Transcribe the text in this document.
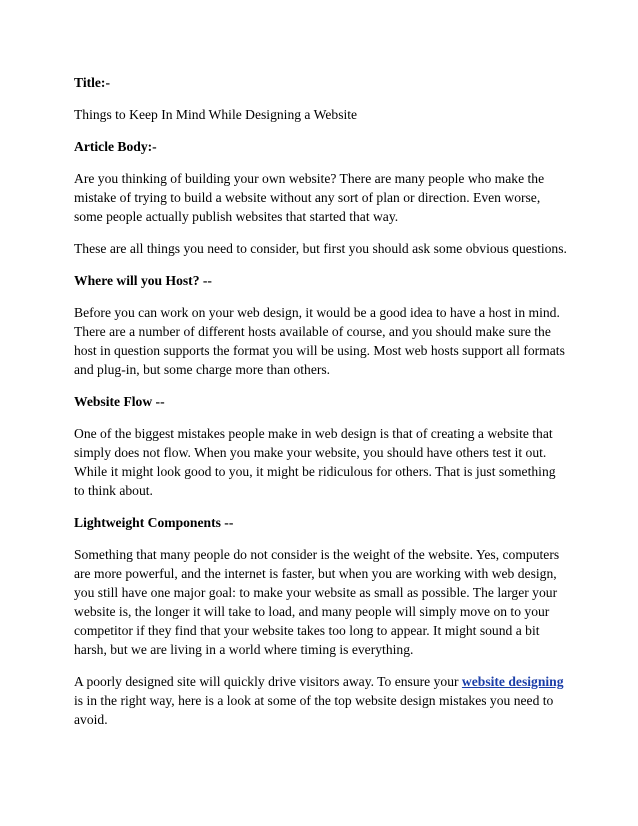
Title:-
Things to Keep In Mind While Designing a Website
Article Body:-
Are you thinking of building your own website? There are many people who make the mistake of trying to build a website without any sort of plan or direction. Even worse, some people actually publish websites that started that way.
These are all things you need to consider, but first you should ask some obvious questions.
Where will you Host? --
Before you can work on your web design, it would be a good idea to have a host in mind. There are a number of different hosts available of course, and you should make sure the host in question supports the format you will be using. Most web hosts support all formats and plug-in, but some charge more than others.
Website Flow --
One of the biggest mistakes people make in web design is that of creating a website that simply does not flow. When you make your website, you should have others test it out. While it might look good to you, it might be ridiculous for others. That is just something to think about.
Lightweight Components --
Something that many people do not consider is the weight of the website. Yes, computers are more powerful, and the internet is faster, but when you are working with web design, you still have one major goal: to make your website as small as possible. The larger your website is, the longer it will take to load, and many people will simply move on to your competitor if they find that your website takes too long to appear. It might sound a bit harsh, but we are living in a world where timing is everything.
A poorly designed site will quickly drive visitors away. To ensure your website designing is in the right way, here is a look at some of the top website design mistakes you need to avoid.
